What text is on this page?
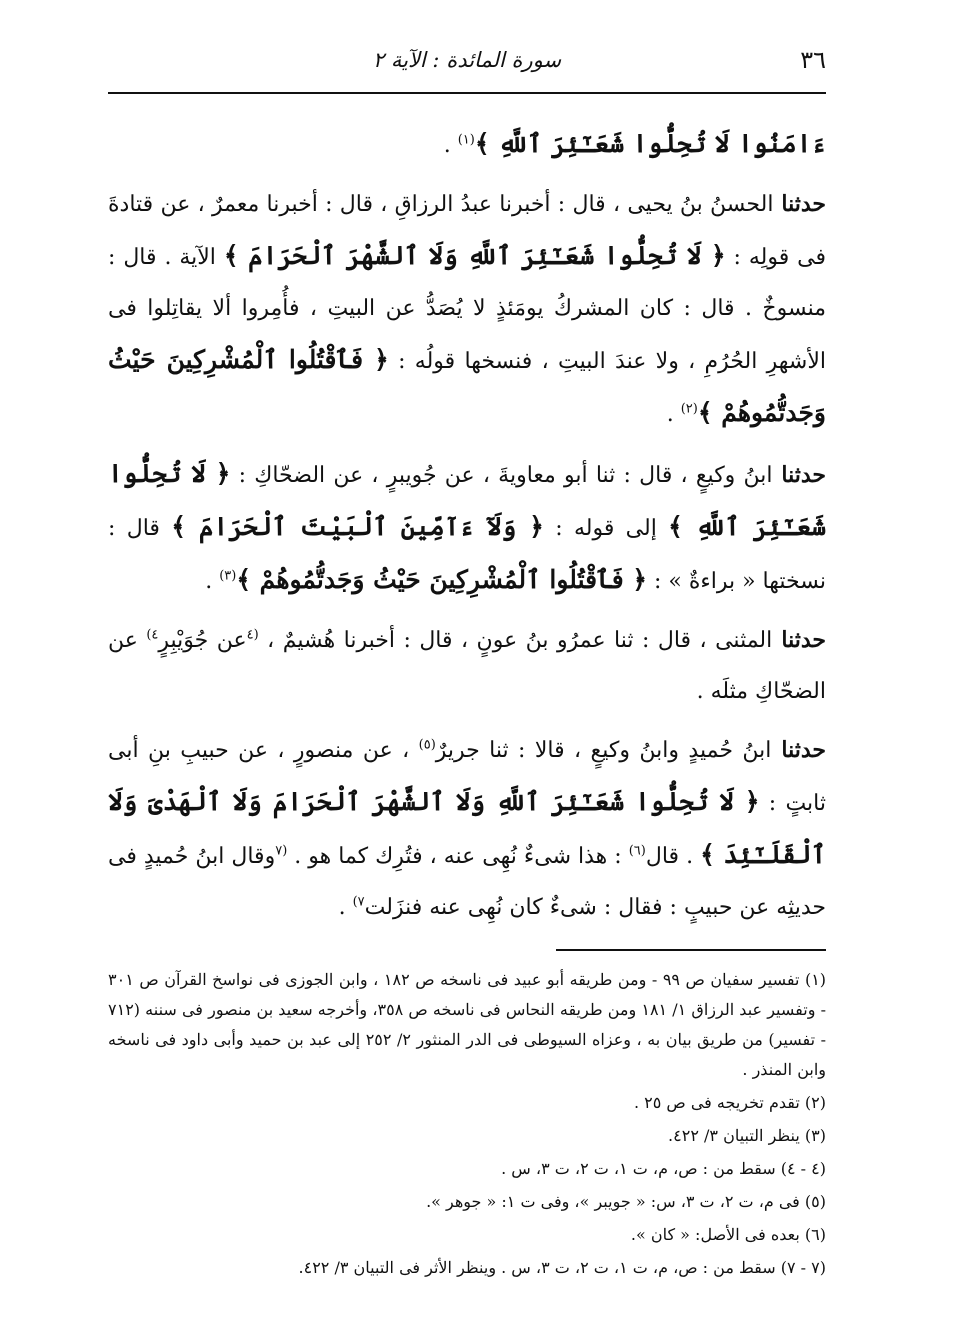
٣٦
سورة المائدة : الآية ٢

ءَامَنُوا لَا تُحِلُّوا شَعَـٰٓئِرَ ٱللَّهِ ﴾$^{(١)}$ .

حدثنا الحسنُ بنُ يحيى ، قال : أخبرنا عبدُ الرزاقِ ، قال : أخبرنا معمرٌ ، عن قتادةَ فى قولِه : ﴿ لَا تُحِلُّوا شَعَـٰٓئِرَ ٱللَّهِ وَلَا ٱلشَّهْرَ ٱلْحَرَامَ ﴾ الآية . قال : منسوخٌ . قال : كان المشركُ يومَئذٍ لا يُصَدُّ عن البيتِ ، فأُمِروا ألا يقاتِلوا فى الأشهرِ الحُرُمِ ، ولا عندَ البيتِ ، فنسخها قولُه : ﴿ فَٱقْتُلُوا ٱلْمُشْرِكِينَ حَيْثُ وَجَدتُّمُوهُمْ ﴾$^{(٢)}$ .

حدثنا ابنُ وكيعٍ ، قال : ثنا أبو معاويةَ ، عن جُويبرٍ ، عن الضحّاكِ : ﴿ لَا تُحِلُّوا شَعَـٰٓئِرَ ٱللَّهِ ﴾ إلى قوله : ﴿ وَلَآ ءَآمِّينَ ٱلْبَيْتَ ٱلْحَرَامَ ﴾ قال : نسختها « براءةٌ » : ﴿ فَٱقْتُلُوا ٱلْمُشْرِكِينَ حَيْثُ وَجَدتُّمُوهُمْ ﴾$^{(٣)}$ .

حدثنا المثنى ، قال : ثنا عمرُو بنُ عونٍ ، قال : أخبرنا هُشيمٌ ، $^{(٤}$عن جُوَيْبِرٍ$^{٤)}$ عن الضحّاكِ مثلَه .

حدثنا ابنُ حُميدٍ وابنُ وكيعٍ ، قالا : ثنا جريرٌ$^{(٥)}$ ، عن منصورٍ ، عن حبيبِ بنِ أبى ثابتٍ : ﴿ لَا تُحِلُّوا شَعَـٰٓئِرَ ٱللَّهِ وَلَا ٱلشَّهْرَ ٱلْحَرَامَ وَلَا ٱلْهَدْىَ وَلَا ٱلْقَلَـٰٓئِدَ ﴾ . قال$^{(٦)}$ : هذا شىءٌ نُهِى عنه ، فتُرِك كما هو . $^{(٧}$وقال ابنُ حُميدٍ فى حديثِه عن حبيبٍ : فقال : شىءٌ كان نُهِى عنه فنزَلت$^{٧)}$ .

(١) تفسير سفيان ص ٩٩ - ومن طريقه أبو عبيد فى ناسخه ص ١٨٢ ، وابن الجوزى فى نواسخ القرآن ص ٣٠١ - وتفسير عبد الرزاق ١/ ١٨١ ومن طريقه النحاس فى ناسخه ص ٣٥٨، وأخرجه سعيد بن منصور فى سننه (٧١٢ - تفسير) من طريق بيان به ، وعزاه السيوطى فى الدر المنثور ٢/ ٢٥٢ إلى عبد بن حميد وأبى داود فى ناسخه وابن المنذر .

(٢) تقدم تخريجه فى ص ٢٥ .

(٣) ينظر التبيان ٣/ ٤٢٢.

(٤ - ٤) سقط من : ص، م، ت ١، ت ٢، ت ٣، س .

(٥) فى م، ت ٢، ت ٣، س: « جويبر »، وفى ت ١: « جوهر ».

(٦) بعده فى الأصل: « كان ».

(٧ - ٧) سقط من : ص، م، ت ١، ت ٢، ت ٣، س . وينظر الأثر فى التبيان ٣/ ٤٢٢.
